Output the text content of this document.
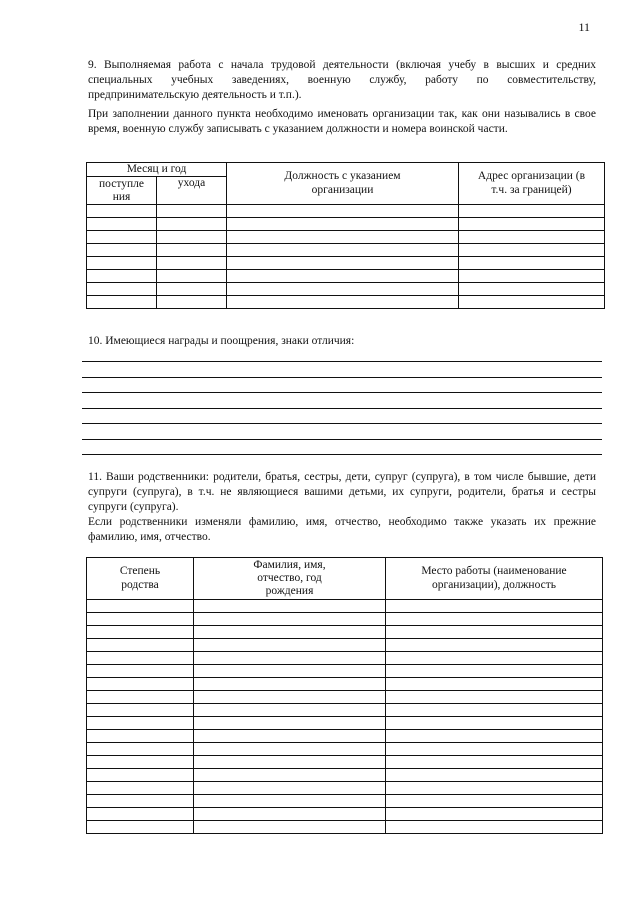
11

9. Выполняемая работа с начала трудовой деятельности (включая учебу в высших и средних специальных учебных заведениях, военную службу, работу по совместительству, предпринимательскую деятельность и т.п.).

При заполнении данного пункта необходимо именовать организации так, как они назывались в свое время, военную службу записывать с указанием должности и номера воинской части.

Месяц и год		Должность с указанием организации	Адрес организации (в т.ч. за границей)
поступления	ухода		

10. Имеющиеся награды и поощрения, знаки отличия:

11. Ваши родственники: родители, братья, сестры, дети, супруг (супруга), в том числе бывшие, дети супруги (супруга), в т.ч. не являющиеся вашими детьми, их супруги, родители, братья и сестры супруги (супруга).

Если родственники изменяли фамилию, имя, отчество, необходимо также указать их прежние фамилию, имя, отчество.

Степень родства	Фамилия, имя, отчество, год рождения	Место работы (наименование организации), должность
